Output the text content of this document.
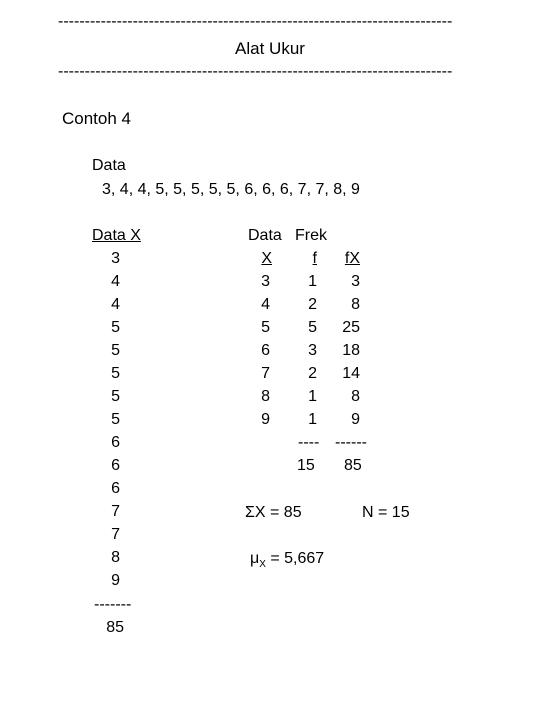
--------------------------------------------------------------------------
Alat Ukur
--------------------------------------------------------------------------
Contoh 4
Data
3, 4, 4, 5, 5, 5, 5, 5, 6, 6, 6, 7, 7, 8, 9
Data X
3
4
4
5
5
5
5
5
6
6
6
7
7
8
9
-------
85
Data Frek
X	f	fX
3	1	3
4	2	8
5	5	25
6	3	18
7	2	14
8	1	8
9	1	9
---- ------
15 85
ΣX = 85	N = 15
$\mu_X = 5,667$
